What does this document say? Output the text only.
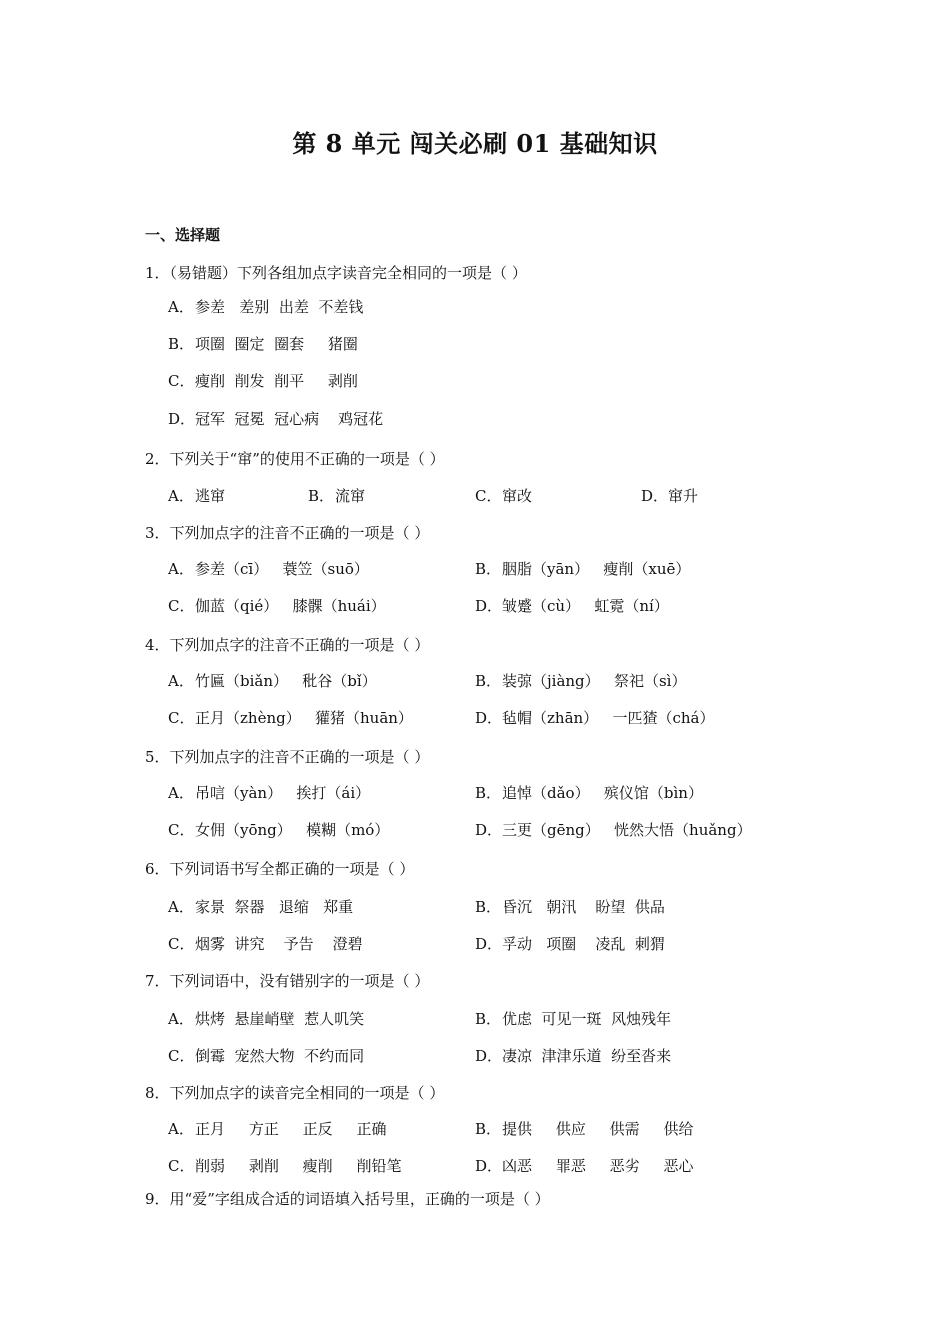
第 8 单元 闯关必刷 01 基础知识
一、选择题
1．（易错题）下列各组加点字读音完全相同的一项是（ ）
A．参差   差别  出差  不差钱
B．项圈  圈定  圈套     猪圈
C．瘦削  削发  削平     剥削
D．冠军  冠冕  冠心病    鸡冠花
2．下列关于“窜”的使用不正确的一项是（ ）
A．逃窜	B．流窜	C．窜改	D．窜升
3．下列加点字的注音不正确的一项是（ ）
A．参差（cī）   蓑笠（suō）	B．胭脂（yān）   瘦削（xuē）
C．伽蓝（qié）   膝髁（huái）	D．皱蹙（cù）   虹霓（ní）
4．下列加点字的注音不正确的一项是（ ）
A．竹匾（biǎn）   秕谷（bǐ）	B．装弶（jiàng）   祭祀（sì）
C．正月（zhèng）   獾猪（huān）	D．毡帽（zhān）   一匹猹（chá）
5．下列加点字的注音不正确的一项是（ ）
A．吊唁（yàn）   挨打（ái）	B．追悼（dǎo）   殡仪馆（bìn）
C．女佣（yōng）   模糊（mó）	D．三更（gēng）   恍然大悟（huǎng）
6．下列词语书写全都正确的一项是（ ）
A．家景  祭器   退缩   郑重	B．昏沉   朝汛    盼望  供品
C．烟雾  讲究    予告    澄碧	D．孚动   项圈    凌乱  刺猬
7．下列词语中，没有错别字的一项是（ ）
A．烘烤  悬崖峭壁  惹人叽笑	B．优虑  可见一斑  风烛残年
C．倒霉  宠然大物  不约而同	D．凄凉  津津乐道  纷至沓来
8．下列加点字的读音完全相同的一项是（ ）
A．正月     方正     正反     正确	B．提供     供应     供需     供给
C．削弱     剥削     瘦削     削铅笔	D．凶恶     罪恶     恶劣     恶心
9．用“爱”字组成合适的词语填入括号里，正确的一项是（ ）
